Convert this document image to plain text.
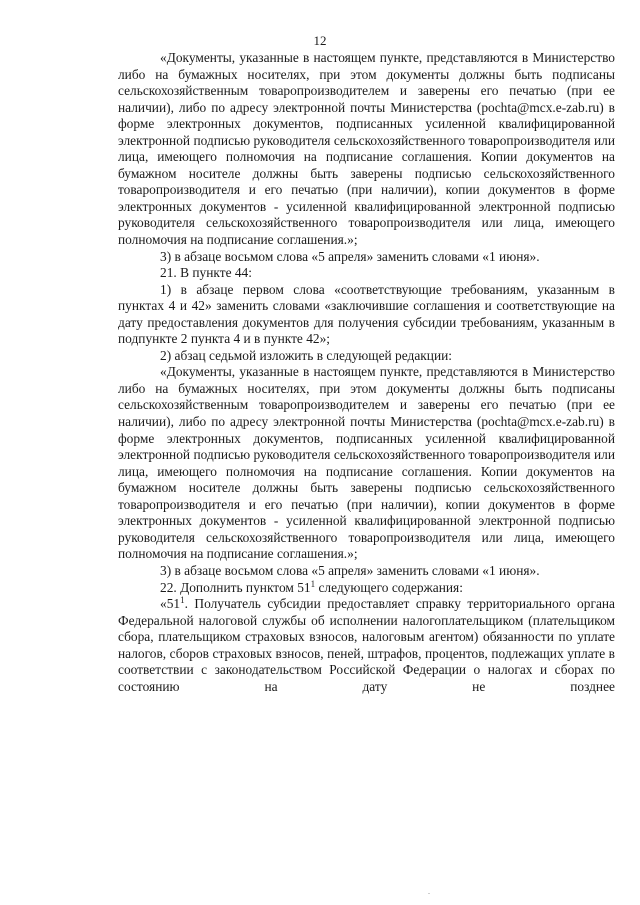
12

«Документы, указанные в настоящем пункте, представляются в Министерство либо на бумажных носителях, при этом документы должны быть подписаны сельскохозяйственным товаропроизводителем и заверены его печатью (при ее наличии), либо по адресу электронной почты Министерства (pochta@mcx.e-zab.ru) в форме электронных документов, подписанных усиленной квалифицированной электронной подписью руководителя сельскохозяйственного товаропроизводителя или лица, имеющего полномочия на подписание соглашения. Копии документов на бумажном носителе должны быть заверены подписью сельскохозяйственного товаропроизводителя и его печатью (при наличии), копии документов в форме электронных документов - усиленной квалифицированной электронной подписью руководителя сельскохозяйственного товаропроизводителя или лица, имеющего полномочия на подписание соглашения.»;

3) в абзаце восьмом слова «5 апреля» заменить словами «1 июня».

21. В пункте 44:

1) в абзаце первом слова «соответствующие требованиям, указанным в пунктах 4 и 42» заменить словами «заключившие соглашения и соответствующие на дату предоставления документов для получения субсидии требованиям, указанным в подпункте 2 пункта 4 и в пункте 42»;

2) абзац седьмой изложить в следующей редакции:

«Документы, указанные в настоящем пункте, представляются в Министерство либо на бумажных носителях, при этом документы должны быть подписаны сельскохозяйственным товаропроизводителем и заверены его печатью (при ее наличии), либо по адресу электронной почты Министерства (pochta@mcx.e-zab.ru) в форме электронных документов, подписанных усиленной квалифицированной электронной подписью руководителя сельскохозяйственного товаропроизводителя или лица, имеющего полномочия на подписание соглашения. Копии документов на бумажном носителе должны быть заверены подписью сельскохозяйственного товаропроизводителя и его печатью (при наличии), копии документов в форме электронных документов - усиленной квалифицированной электронной подписью руководителя сельскохозяйственного товаропроизводителя или лица, имеющего полномочия на подписание соглашения.»;

3) в абзаце восьмом слова «5 апреля» заменить словами «1 июня».

22. Дополнить пунктом $51^1$ следующего содержания:

«$51^1$. Получатель субсидии предоставляет справку территориального органа Федеральной налоговой службы об исполнении налогоплательщиком (плательщиком сбора, плательщиком страховых взносов, налоговым агентом) обязанности по уплате налогов, сборов страховых взносов, пеней, штрафов, процентов, подлежащих уплате в соответствии с законодательством Российской Федерации о налогах и сборах по состоянию на дату не позднее
